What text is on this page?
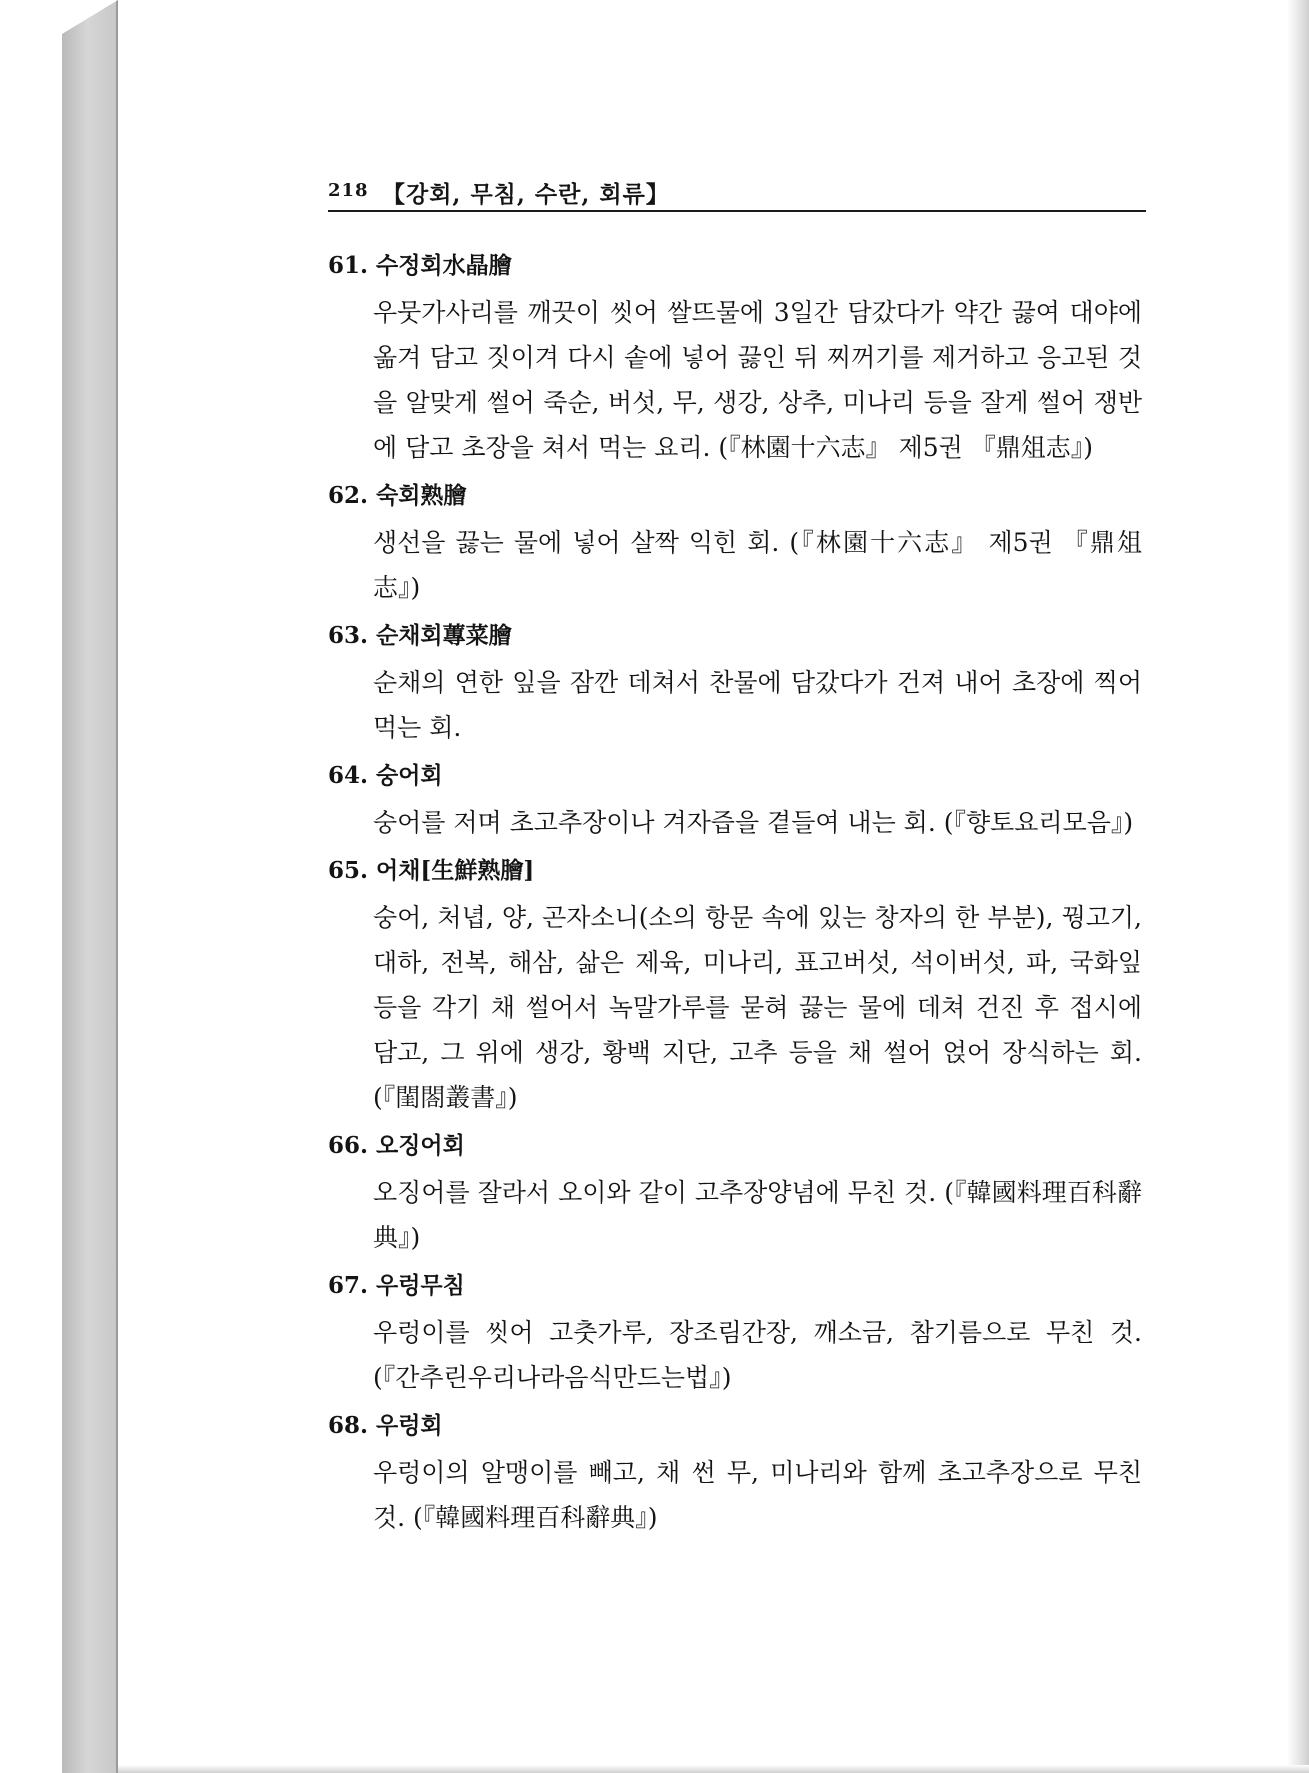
218 【강회, 무침, 수란, 회류】
61. 수정회水晶膾
우뭇가사리를 깨끗이 씻어 쌀뜨물에 3일간 담갔다가 약간 끓여 대야에 옮겨 담고 짓이겨 다시 솥에 넣어 끓인 뒤 찌꺼기를 제거하고 응고된 것을 알맞게 썰어 죽순, 버섯, 무, 생강, 상추, 미나리 등을 잘게 썰어 쟁반에 담고 초장을 쳐서 먹는 요리. (『林園十六志』 제5권 『鼎俎志』)
62. 숙회熟膾
생선을 끓는 물에 넣어 살짝 익힌 회. (『林園十六志』 제5권 『鼎俎志』)
63. 순채회蓴菜膾
순채의 연한 잎을 잠깐 데쳐서 찬물에 담갔다가 건져 내어 초장에 찍어 먹는 회.
64. 숭어회
숭어를 저며 초고추장이나 겨자즙을 곁들여 내는 회. (『향토요리모음』)
65. 어채[生鮮熟膾]
숭어, 처녑, 양, 곤자소니(소의 항문 속에 있는 창자의 한 부분), 꿩고기, 대하, 전복, 해삼, 삶은 제육, 미나리, 표고버섯, 석이버섯, 파, 국화잎 등을 각기 채 썰어서 녹말가루를 묻혀 끓는 물에 데쳐 건진 후 접시에 담고, 그 위에 생강, 황백 지단, 고추 등을 채 썰어 얹어 장식하는 회. (『閨閤叢書』)
66. 오징어회
오징어를 잘라서 오이와 같이 고추장양념에 무친 것. (『韓國料理百科辭典』)
67. 우렁무침
우렁이를 씻어 고춧가루, 장조림간장, 깨소금, 참기름으로 무친 것. (『간추린우리나라음식만드는법』)
68. 우렁회
우렁이의 알맹이를 빼고, 채 썬 무, 미나리와 함께 초고추장으로 무친 것. (『韓國料理百科辭典』)
